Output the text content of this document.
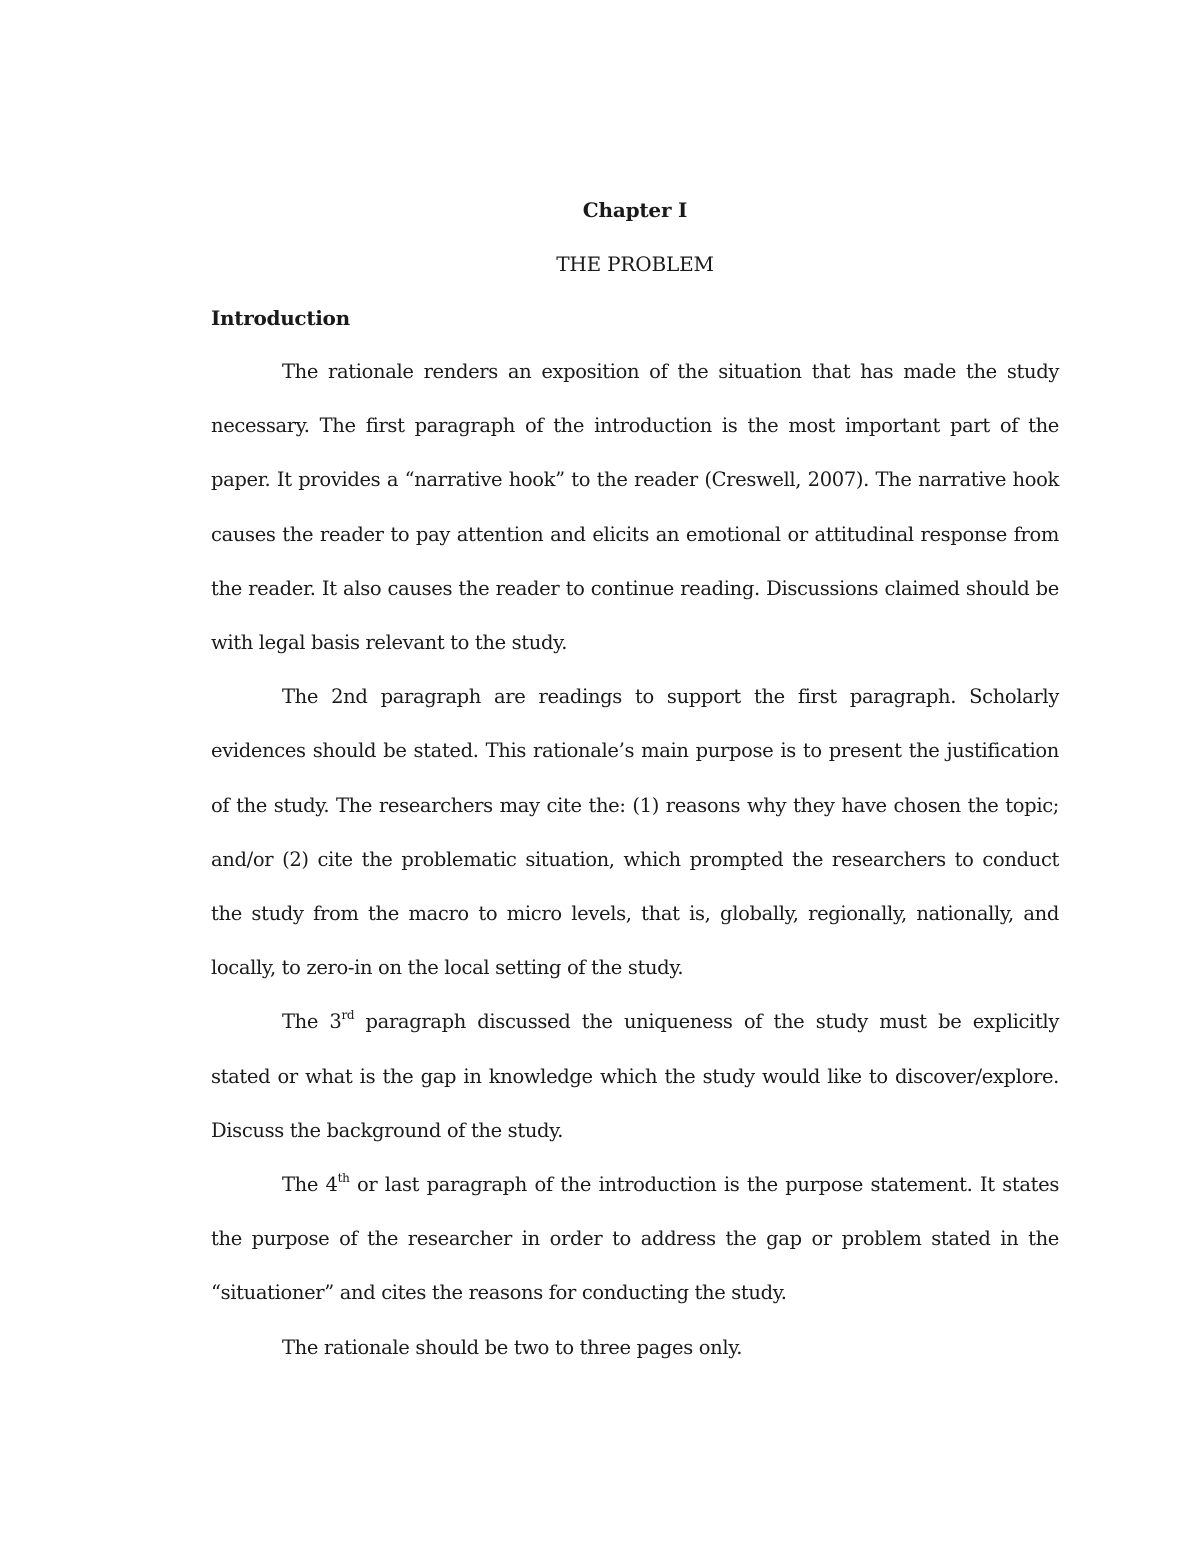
Chapter I
THE PROBLEM
Introduction

The rationale renders an exposition of the situation that has made the study necessary. The first paragraph of the introduction is the most important part of the paper. It provides a “narrative hook” to the reader (Creswell, 2007). The narrative hook causes the reader to pay attention and elicits an emotional or attitudinal response from the reader. It also causes the reader to continue reading. Discussions claimed should be with legal basis relevant to the study.

The 2nd paragraph are readings to support the first paragraph. Scholarly evidences should be stated. This rationale’s main purpose is to present the justification of the study. The researchers may cite the: (1) reasons why they have chosen the topic; and/or (2) cite the problematic situation, which prompted the researchers to conduct the study from the macro to micro levels, that is, globally, regionally, nationally, and locally, to zero-in on the local setting of the study.

The 3rd paragraph discussed the uniqueness of the study must be explicitly stated or what is the gap in knowledge which the study would like to discover/explore. Discuss the background of the study.

The 4th or last paragraph of the introduction is the purpose statement. It states the purpose of the researcher in order to address the gap or problem stated in the “situationer” and cites the reasons for conducting the study.

The rationale should be two to three pages only.
